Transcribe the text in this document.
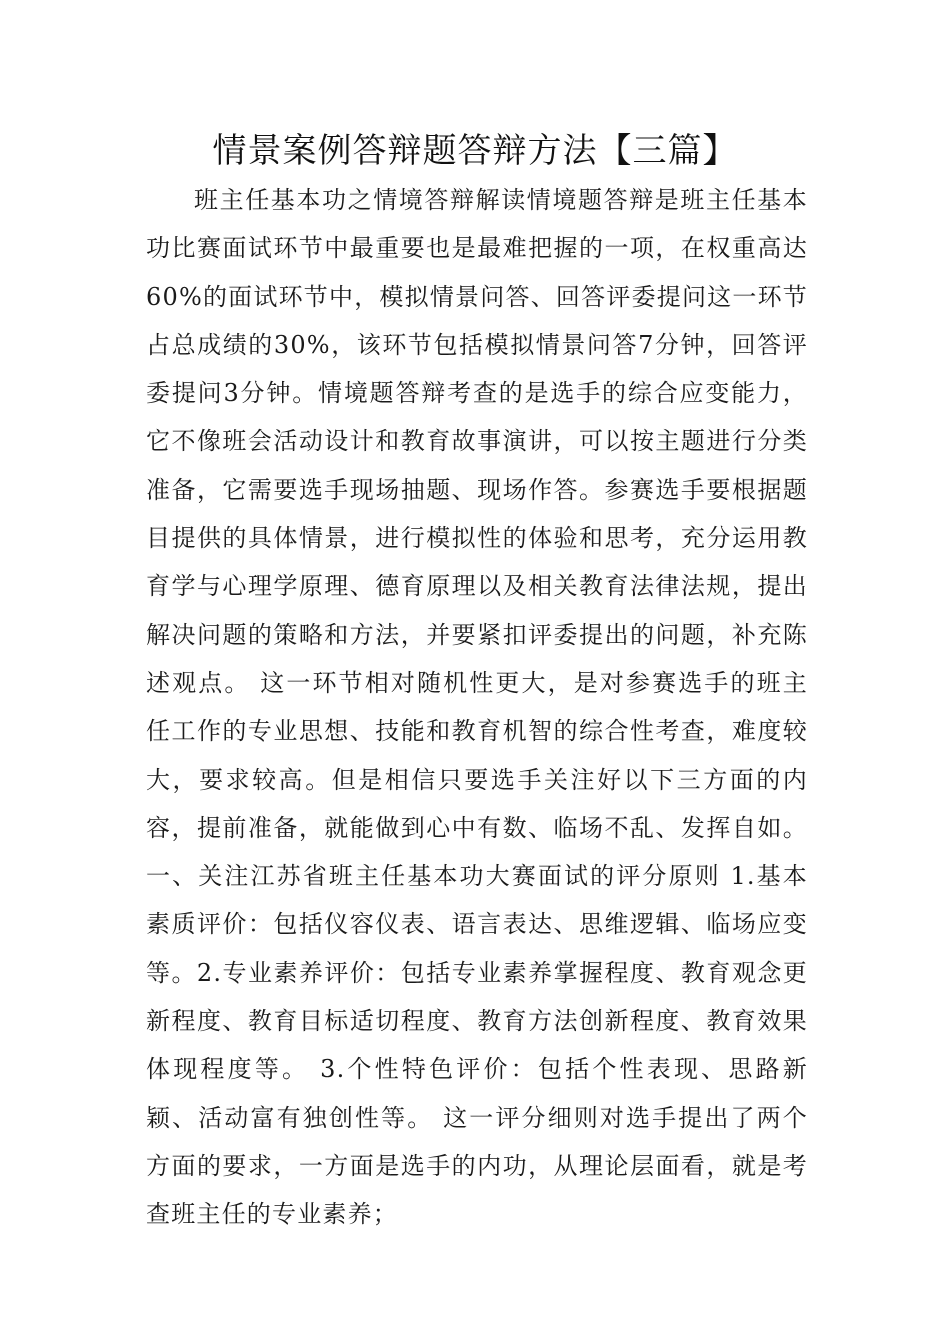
情景案例答辩题答辩方法【三篇】

班主任基本功之情境答辩解读情境题答辩是班主任基本功比赛面试环节中最重要也是最难把握的一项，在权重高达60%的面试环节中，模拟情景问答、回答评委提问这一环节占总成绩的30%，该环节包括模拟情景问答7分钟，回答评委提问3分钟。情境题答辩考查的是选手的综合应变能力，它不像班会活动设计和教育故事演讲，可以按主题进行分类准备，它需要选手现场抽题、现场作答。参赛选手要根据题目提供的具体情景，进行模拟性的体验和思考，充分运用教育学与心理学原理、德育原理以及相关教育法律法规，提出解决问题的策略和方法，并要紧扣评委提出的问题，补充陈述观点。 这一环节相对随机性更大，是对参赛选手的班主任工作的专业思想、技能和教育机智的综合性考查，难度较大，要求较高。但是相信只要选手关注好以下三方面的内容，提前准备，就能做到心中有数、临场不乱、发挥自如。 一、关注江苏省班主任基本功大赛面试的评分原则 1.基本素质评价：包括仪容仪表、语言表达、思维逻辑、临场应变等。2.专业素养评价：包括专业素养掌握程度、教育观念更新程度、教育目标适切程度、教育方法创新程度、教育效果体现程度等。 3.个性特色评价：包括个性表现、思路新颖、活动富有独创性等。 这一评分细则对选手提出了两个方面的要求，一方面是选手的内功，从理论层面看，就是考查班主任的专业素养；
